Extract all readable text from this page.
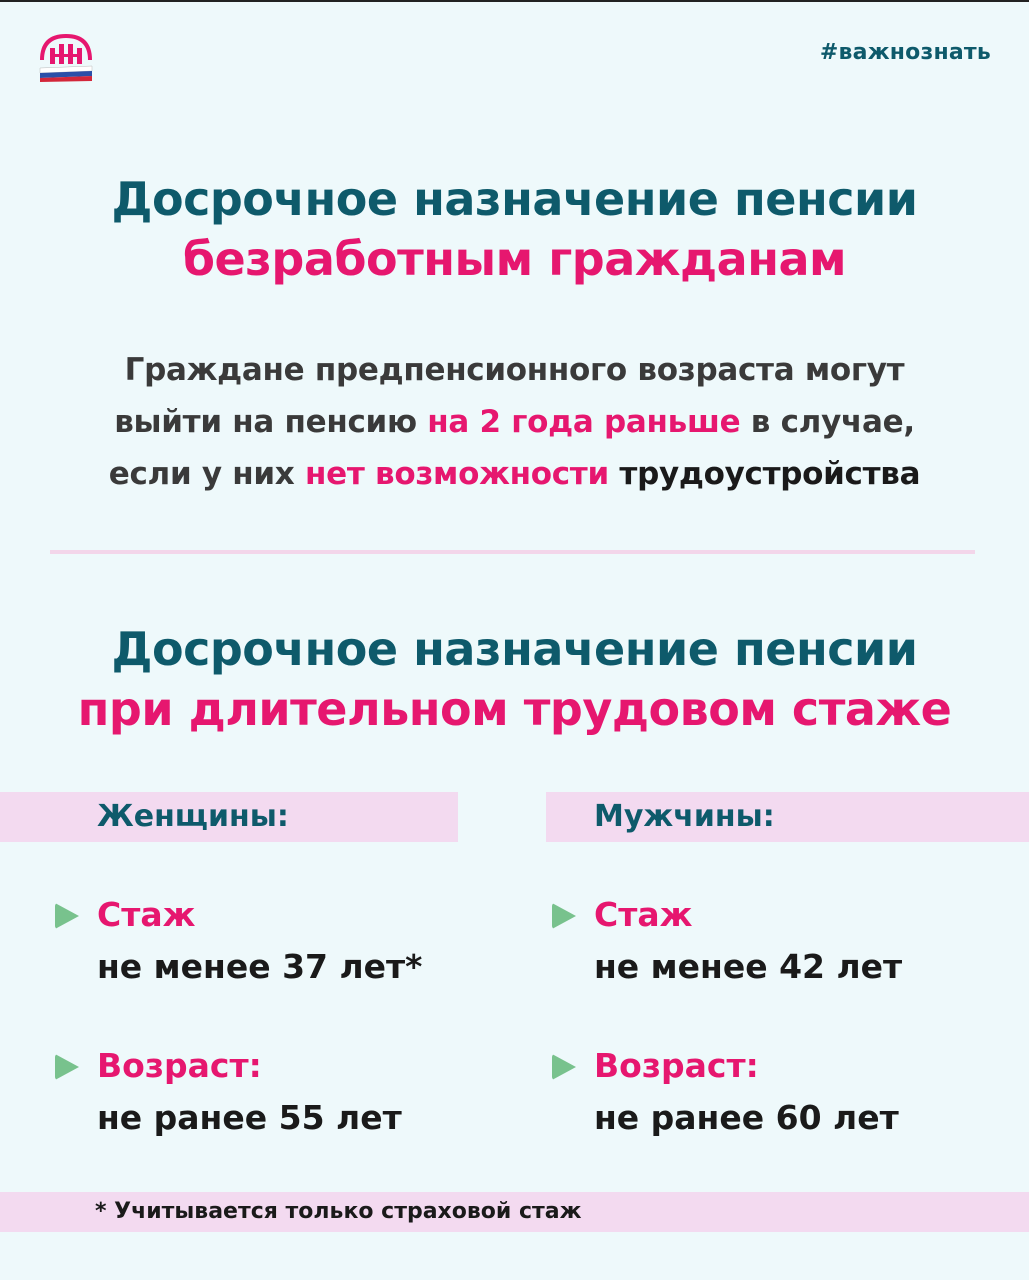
#важнознать
Досрочное назначение пенсии
безработным гражданам
Граждане предпенсионного возраста могут
выйти на пенсию на 2 года раньше в случае,
если у них нет возможности трудоустройства
Досрочное назначение пенсии
при длительном трудовом стаже
Женщины:	Мужчины:
Стаж
не менее 37 лет*
Стаж
не менее 42 лет
Возраст:
не ранее 55 лет
Возраст:
не ранее 60 лет
* Учитывается только страховой стаж
